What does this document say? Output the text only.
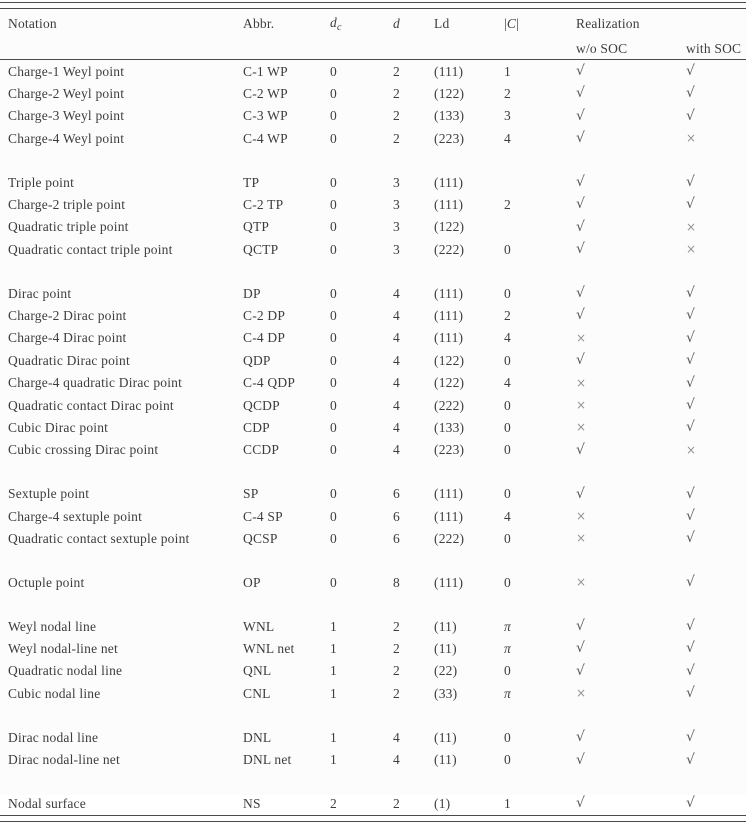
Notation	Abbr.	$d_c$	d	Ld	|C|	Realization	
						w/o SOC	with SOC
Charge-1 Weyl point	C-1 WP	0	2	(111)	1	√	√
Charge-2 Weyl point	C-2 WP	0	2	(122)	2	√	√
Charge-3 Weyl point	C-3 WP	0	2	(133)	3	√	√
Charge-4 Weyl point	C-4 WP	0	2	(223)	4	√	×

Triple point	TP	0	3	(111)		√	√
Charge-2 triple point	C-2 TP	0	3	(111)	2	√	√
Quadratic triple point	QTP	0	3	(122)		√	×
Quadratic contact triple point	QCTP	0	3	(222)	0	√	×

Dirac point	DP	0	4	(111)	0	√	√
Charge-2 Dirac point	C-2 DP	0	4	(111)	2	√	√
Charge-4 Dirac point	C-4 DP	0	4	(111)	4	×	√
Quadratic Dirac point	QDP	0	4	(122)	0	√	√
Charge-4 quadratic Dirac point	C-4 QDP	0	4	(122)	4	×	√
Quadratic contact Dirac point	QCDP	0	4	(222)	0	×	√
Cubic Dirac point	CDP	0	4	(133)	0	×	√
Cubic crossing Dirac point	CCDP	0	4	(223)	0	√	×

Sextuple point	SP	0	6	(111)	0	√	√
Charge-4 sextuple point	C-4 SP	0	6	(111)	4	×	√
Quadratic contact sextuple point	QCSP	0	6	(222)	0	×	√

Octuple point	OP	0	8	(111)	0	×	√

Weyl nodal line	WNL	1	2	(11)	π	√	√
Weyl nodal-line net	WNL net	1	2	(11)	π	√	√
Quadratic nodal line	QNL	1	2	(22)	0	√	√
Cubic nodal line	CNL	1	2	(33)	π	×	√

Dirac nodal line	DNL	1	4	(11)	0	√	√
Dirac nodal-line net	DNL net	1	4	(11)	0	√	√

Nodal surface	NS	2	2	(1)	1	√	√
